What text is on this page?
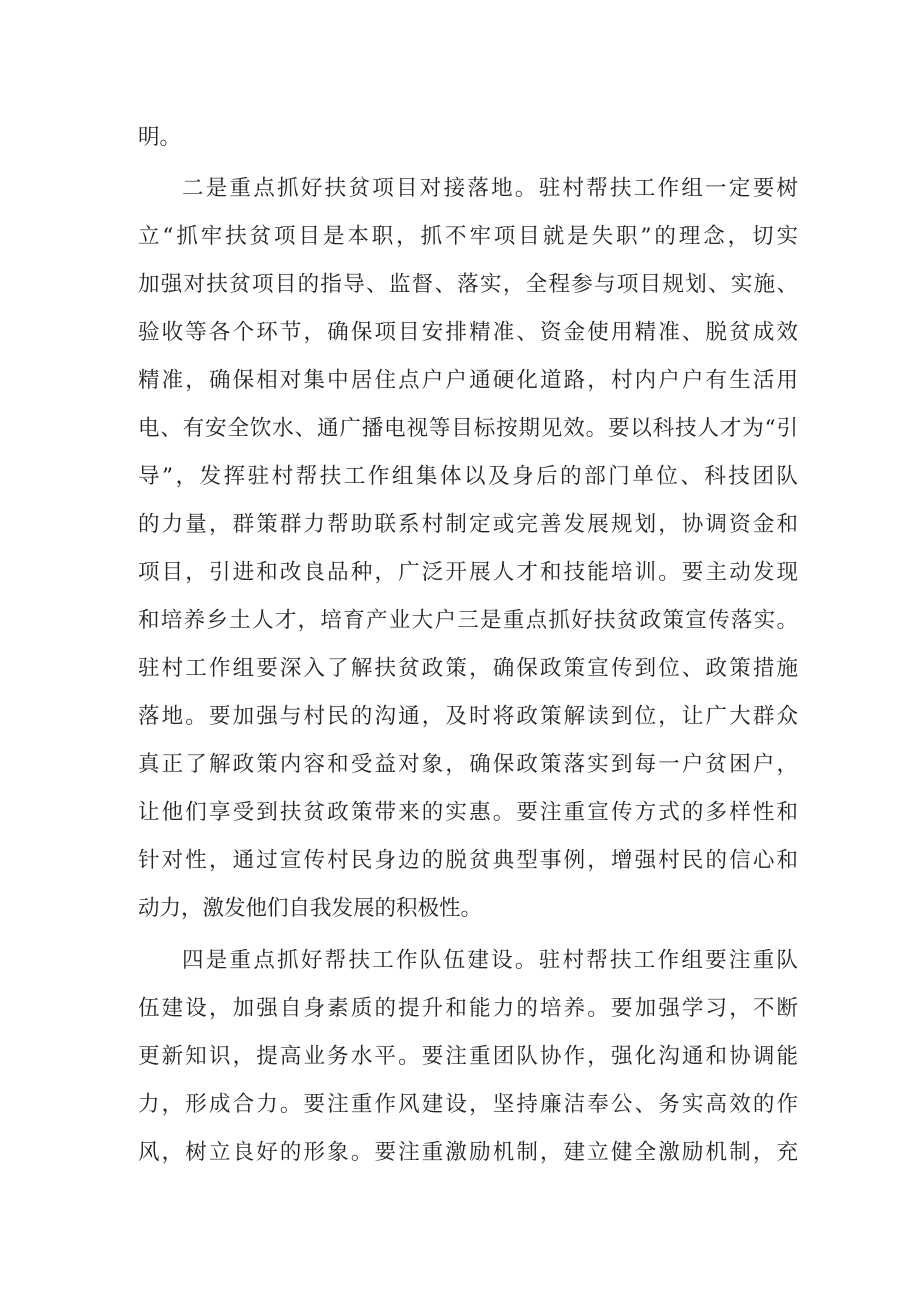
明。
二是重点抓好扶贫项目对接落地。驻村帮扶工作组一定要树
立“抓牢扶贫项目是本职，抓不牢项目就是失职”的理念，切实
加强对扶贫项目的指导、监督、落实，全程参与项目规划、实施、
验收等各个环节，确保项目安排精准、资金使用精准、脱贫成效
精准，确保相对集中居住点户户通硬化道路，村内户户有生活用
电、有安全饮水、通广播电视等目标按期见效。要以科技人才为“引
导”，发挥驻村帮扶工作组集体以及身后的部门单位、科技团队
的力量，群策群力帮助联系村制定或完善发展规划，协调资金和
项目，引进和改良品种，广泛开展人才和技能培训。要主动发现
和培养乡土人才，培育产业大户三是重点抓好扶贫政策宣传落实。
驻村工作组要深入了解扶贫政策，确保政策宣传到位、政策措施
落地。要加强与村民的沟通，及时将政策解读到位，让广大群众
真正了解政策内容和受益对象，确保政策落实到每一户贫困户，
让他们享受到扶贫政策带来的实惠。要注重宣传方式的多样性和
针对性，通过宣传村民身边的脱贫典型事例，增强村民的信心和
动力，激发他们自我发展的积极性。
四是重点抓好帮扶工作队伍建设。驻村帮扶工作组要注重队
伍建设，加强自身素质的提升和能力的培养。要加强学习，不断
更新知识，提高业务水平。要注重团队协作，强化沟通和协调能
力，形成合力。要注重作风建设，坚持廉洁奉公、务实高效的作
风，树立良好的形象。要注重激励机制，建立健全激励机制，充
